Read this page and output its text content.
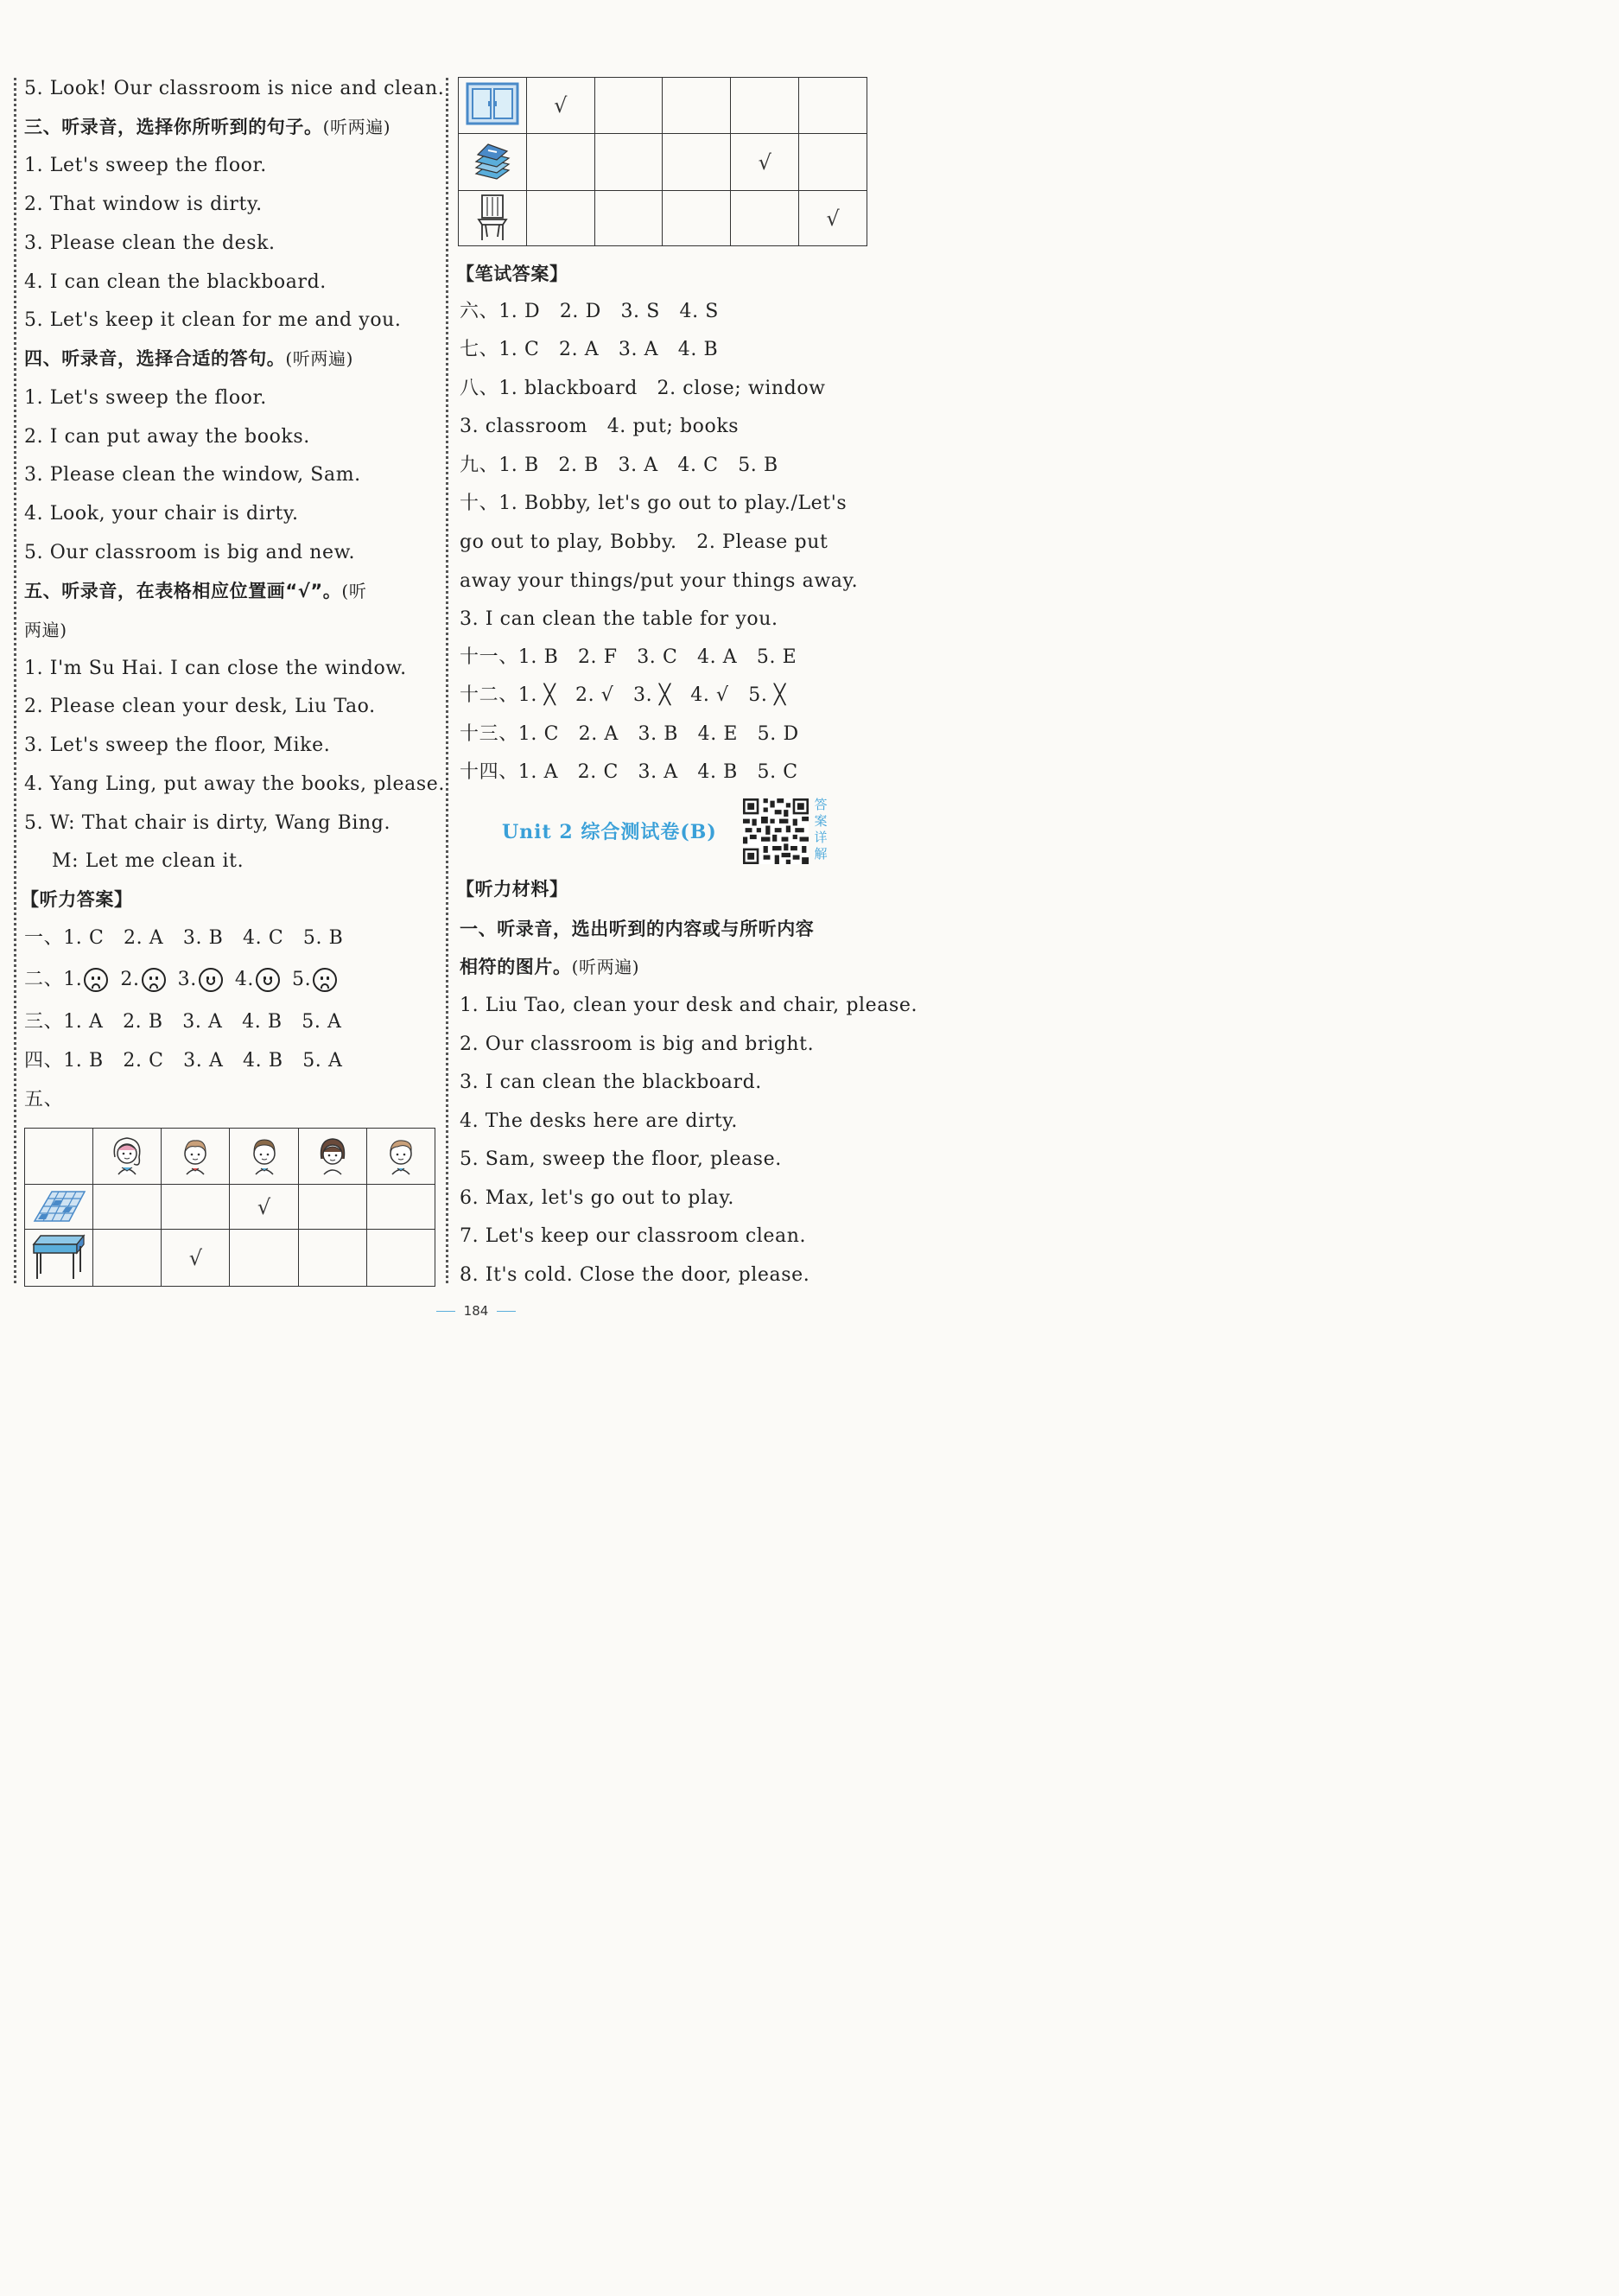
5. Look! Our classroom is nice and clean.
三、听录音，选择你所听到的句子。(听两遍)
1. Let's sweep the floor.
2. That window is dirty.
3. Please clean the desk.
4. I can clean the blackboard.
5. Let's keep it clean for me and you.
四、听录音，选择合适的答句。(听两遍)
1. Let's sweep the floor.
2. I can put away the books.
3. Please clean the window, Sam.
4. Look, your chair is dirty.
5. Our classroom is big and new.
五、听录音，在表格相应位置画“√”。(听
两遍)
1. I'm Su Hai. I can close the window.
2. Please clean your desk, Liu Tao.
3. Let's sweep the floor, Mike.
4. Yang Ling, put away the books, please.
5. W: That chair is dirty, Wang Bing.
M: Let me clean it.
【听力答案】
一、1. C　2. A　3. B　4. C　5. B
二、1. 2. 3. 4. 5.
三、1. A　2. B　3. A　4. B　5. A
四、1. B　2. C　3. A　4. B　5. A
五、

			√		
		√			
	√				
				√	
					√
【笔试答案】
六、1. D　2. D　3. S　4. S
七、1. C　2. A　3. A　4. B
八、1. blackboard　2. close; window
3. classroom　4. put; books
九、1. B　2. B　3. A　4. C　5. B
十、1. Bobby, let's go out to play./Let's
go out to play, Bobby.　2. Please put
away your things/put your things away.
3. I can clean the table for you.
十一、1. B　2. F　3. C　4. A　5. E
十二、1. ╳　2. √　3. ╳　4. √　5. ╳
十三、1. C　2. A　3. B　4. E　5. D
十四、1. A　2. C　3. A　4. B　5. C
Unit 2 综合测试卷(B)
答案详解
【听力材料】
一、听录音，选出听到的内容或与所听内容
相符的图片。(听两遍)
1. Liu Tao, clean your desk and chair, please.
2. Our classroom is big and bright.
3. I can clean the blackboard.
4. The desks here are dirty.
5. Sam, sweep the floor, please.
6. Max, let's go out to play.
7. Let's keep our classroom clean.
8. It's cold. Close the door, please.
184
